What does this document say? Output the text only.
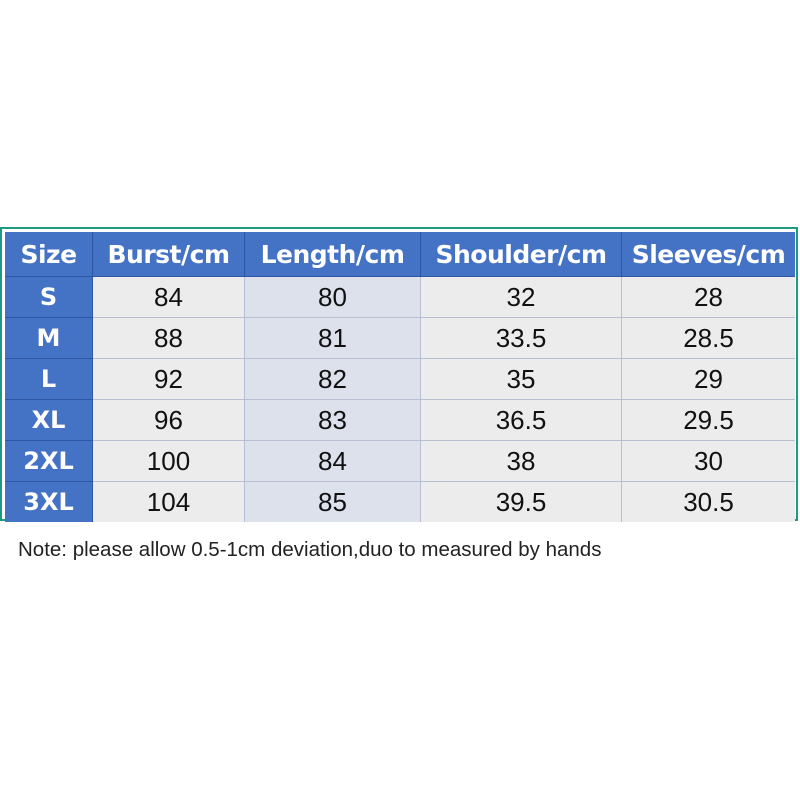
Size	Burst/cm	Length/cm	Shoulder/cm	Sleeves/cm
S	84	80	32	28
M	88	81	33.5	28.5
L	92	82	35	29
XL	96	83	36.5	29.5
2XL	100	84	38	30
3XL	104	85	39.5	30.5
Note: please allow 0.5-1cm deviation,duo to measured by hands
